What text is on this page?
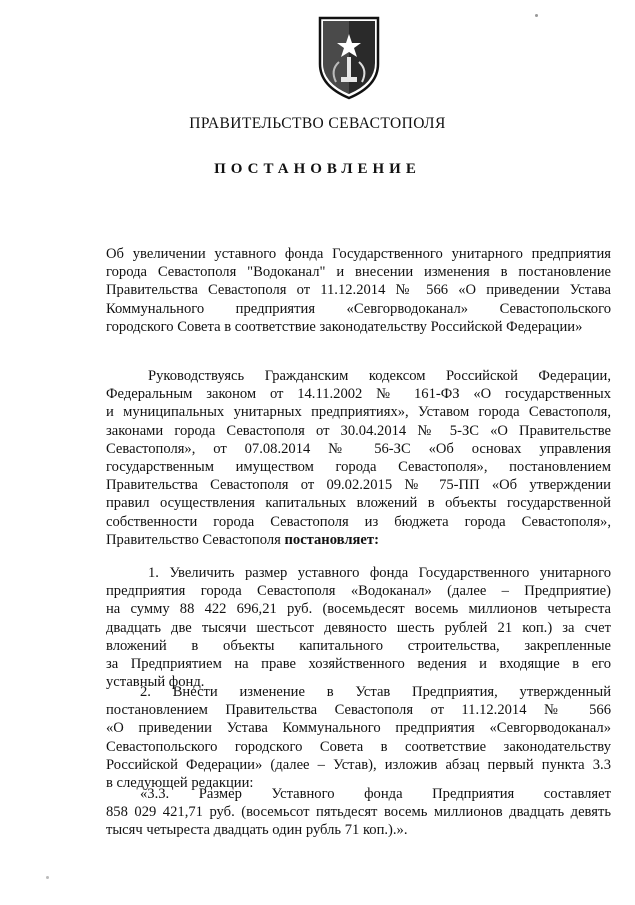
ПРАВИТЕЛЬСТВО СЕВАСТОПОЛЯ
ПОСТАНОВЛЕНИЕ
Об увеличении уставного фонда Государственного унитарного предприятия
города Севастополя "Водоканал" и внесении изменения в постановление
Правительства Севастополя от 11.12.2014 № 566 «О приведении Устава
Коммунального предприятия «Севгорводоканал» Севастопольского
городского Совета в соответствие законодательству Российской Федерации»
Руководствуясь Гражданским кодексом Российской Федерации,
Федеральным законом от 14.11.2002 № 161-ФЗ «О государственных
и муниципальных унитарных предприятиях», Уставом города Севастополя,
законами города Севастополя от 30.04.2014 № 5-ЗС «О Правительстве
Севастополя», от 07.08.2014 № 56-ЗС «Об основах управления
государственным имуществом города Севастополя», постановлением
Правительства Севастополя от 09.02.2015 № 75-ПП «Об утверждении
правил осуществления капитальных вложений в объекты государственной
собственности города Севастополя из бюджета города Севастополя»,
Правительство Севастополя постановляет:
1. Увеличить размер уставного фонда Государственного унитарного
предприятия города Севастополя «Водоканал» (далее – Предприятие)
на сумму 88 422 696,21 руб. (восемьдесят восемь миллионов четыреста
двадцать две тысячи шестьсот девяносто шесть рублей 21 коп.) за счет
вложений в объекты капитального строительства, закрепленные
за Предприятием на праве хозяйственного ведения и входящие в его
уставный фонд.
2. Внести изменение в Устав Предприятия, утвержденный
постановлением Правительства Севастополя от 11.12.2014 № 566
«О приведении Устава Коммунального предприятия «Севгорводоканал»
Севастопольского городского Совета в соответствие законодательству
Российской Федерации» (далее – Устав), изложив абзац первый пункта 3.3
в следующей редакции:
«3.3. Размер Уставного фонда Предприятия составляет
858 029 421,71 руб. (восемьсот пятьдесят восемь миллионов двадцать девять
тысяч четыреста двадцать один рубль 71 коп.).».
